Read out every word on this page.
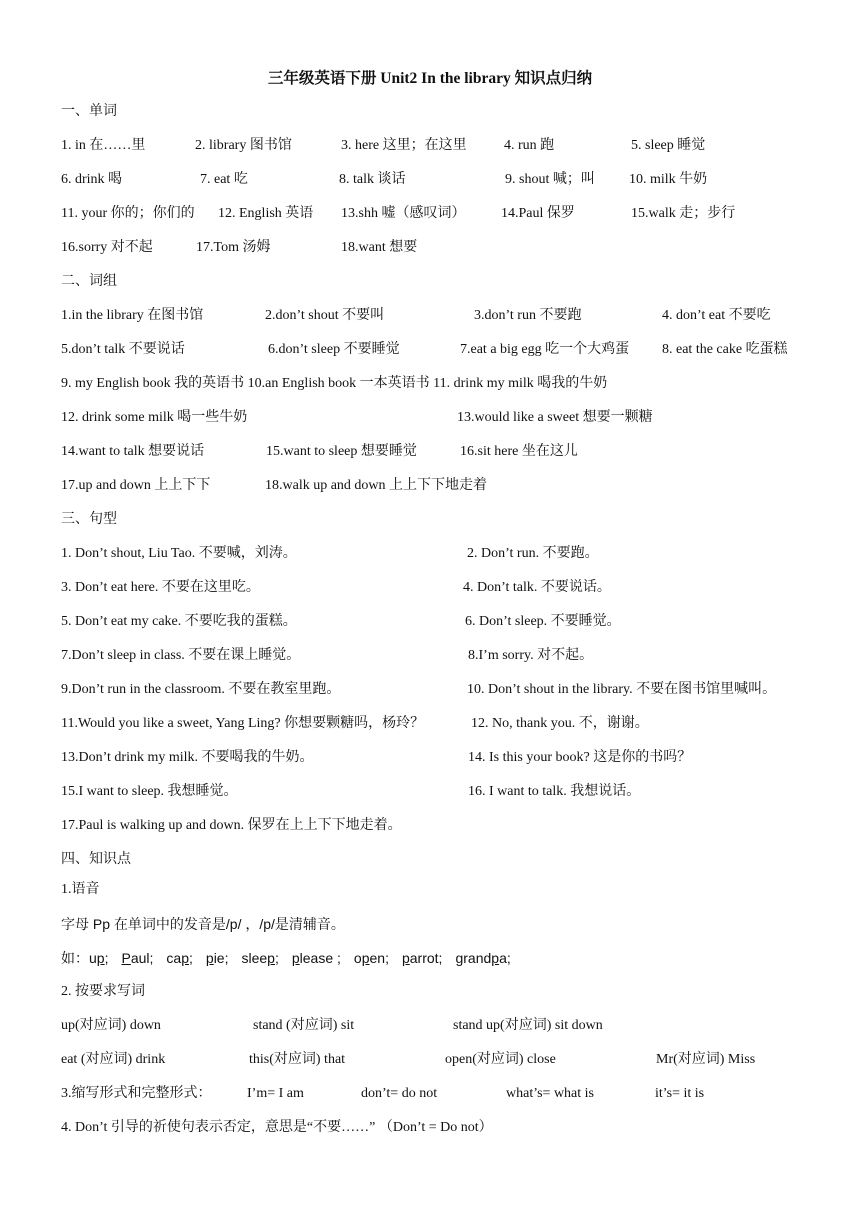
三年级英语下册 Unit2 In the library 知识点归纳
一、单词
1. in 在……里	2. library 图书馆	3. here 这里；在这里	4. run 跑	5. sleep 睡觉
6. drink 喝	7. eat 吃	8. talk 谈话	9. shout 喊；叫 10. milk 牛奶
11. your 你的；你们的 12. English 英语 13.shh 嘘（感叹词）	14.Paul 保罗	15.walk 走；步行
16.sorry 对不起	17.Tom 汤姆	18.want 想要
二、词组
1.in the library 在图书馆	2.don’t shout 不要叫	3.don’t run 不要跑	4. don’t eat 不要吃
5.don’t talk 不要说话	6.don’t sleep 不要睡觉	7.eat a big egg 吃一个大鸡蛋 8. eat the cake 吃蛋糕
9. my English book 我的英语书 10.an English book 一本英语书 11. drink my milk 喝我的牛奶
12. drink some milk 喝一些牛奶	13.would like a sweet 想要一颗糖
14.want to talk 想要说话	15.want to sleep 想要睡觉	16.sit here 坐在这儿
17.up and down 上上下下	18.walk up and down 上上下下地走着
三、句型
1. Don’t shout, Liu Tao. 不要喊，刘涛。	2. Don’t run. 不要跑。
3. Don’t eat here. 不要在这里吃。	4. Don’t talk. 不要说话。
5. Don’t eat my cake. 不要吃我的蛋糕。	6. Don’t sleep. 不要睡觉。
7.Don’t sleep in class. 不要在课上睡觉。	8.I’m sorry. 对不起。
9.Don’t run in the classroom. 不要在教室里跑。	10. Don’t shout in the library. 不要在图书馆里喊叫。
11.Would you like a sweet, Yang Ling? 你想要颗糖吗，杨玲？	12. No, thank you. 不，谢谢。
13.Don’t drink my milk. 不要喝我的牛奶。	14. Is this your book? 这是你的书吗？
15.I want to sleep. 我想睡觉。	16. I want to talk. 我想说话。
17.Paul is walking up and down. 保罗在上上下下地走着。
四、知识点
1.语音
字母 Pp 在单词中的发音是/p/ ，/p/是清辅音。
如：up; Paul; cap; pie; sleep; please ; open; parrot; grandpa;
2. 按要求写词
up(对应词) down	stand (对应词) sit	stand up(对应词) sit down
eat (对应词) drink	this(对应词) that	open(对应词) close	Mr(对应词) Miss
3.缩写形式和完整形式：	I’m= I am	don’t= do not	what’s= what is	it’s= it is
4. Don’t 引导的祈使句表示否定，意思是“不要……” （Don’t = Do not）
